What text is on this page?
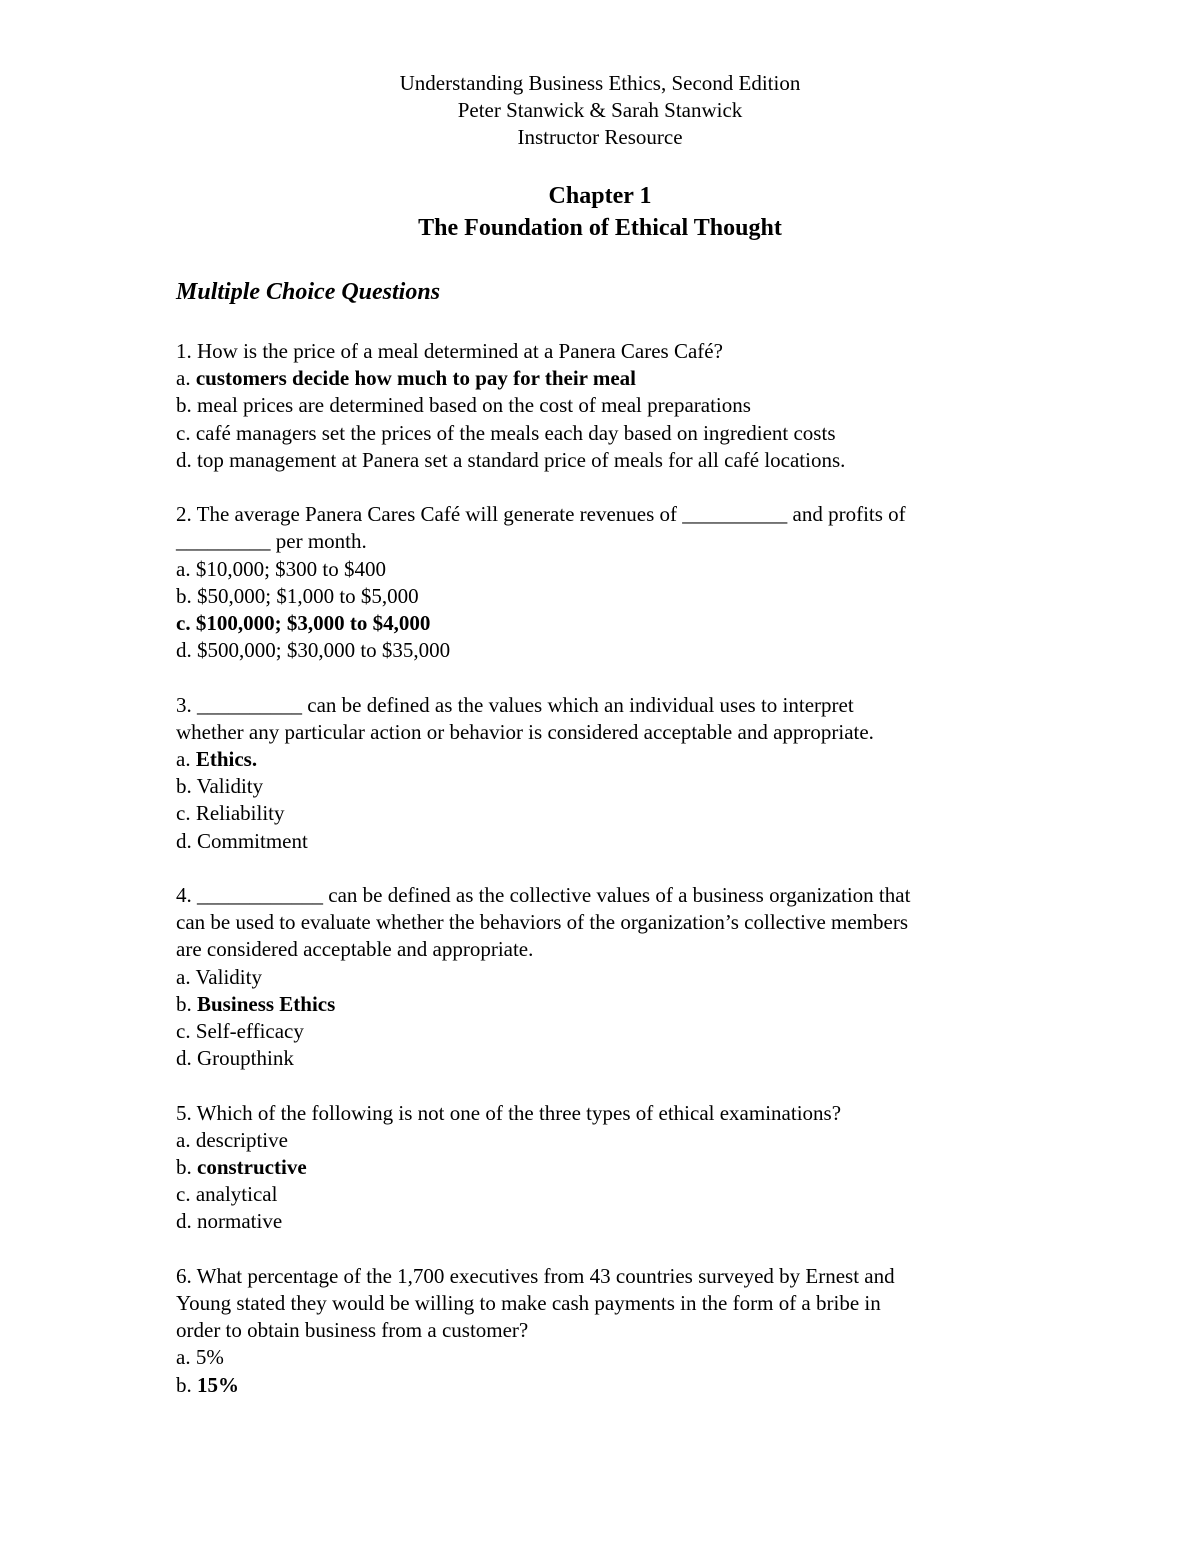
Understanding Business Ethics, Second Edition
Peter Stanwick & Sarah Stanwick
Instructor Resource
Chapter 1
The Foundation of Ethical Thought
Multiple Choice Questions
1. How is the price of a meal determined at a Panera Cares Café?
a. customers decide how much to pay for their meal
b. meal prices are determined based on the cost of meal preparations
c. café managers set the prices of the meals each day based on ingredient costs
d. top management at Panera set a standard price of meals for all café locations.
2. The average Panera Cares Café will generate revenues of __________ and profits of
_________ per month.
a. $10,000; $300 to $400
b. $50,000; $1,000 to $5,000
c. $100,000; $3,000 to $4,000
d. $500,000; $30,000 to $35,000
3. __________ can be defined as the values which an individual uses to interpret
whether any particular action or behavior is considered acceptable and appropriate.
a. Ethics.
b. Validity
c. Reliability
d. Commitment
4. ____________ can be defined as the collective values of a business organization that
can be used to evaluate whether the behaviors of the organization’s collective members
are considered acceptable and appropriate.
a. Validity
b. Business Ethics
c. Self-efficacy
d. Groupthink
5. Which of the following is not one of the three types of ethical examinations?
a. descriptive
b. constructive
c. analytical
d. normative
6. What percentage of the 1,700 executives from 43 countries surveyed by Ernest and
Young stated they would be willing to make cash payments in the form of a bribe in
order to obtain business from a customer?
a. 5%
b. 15%
